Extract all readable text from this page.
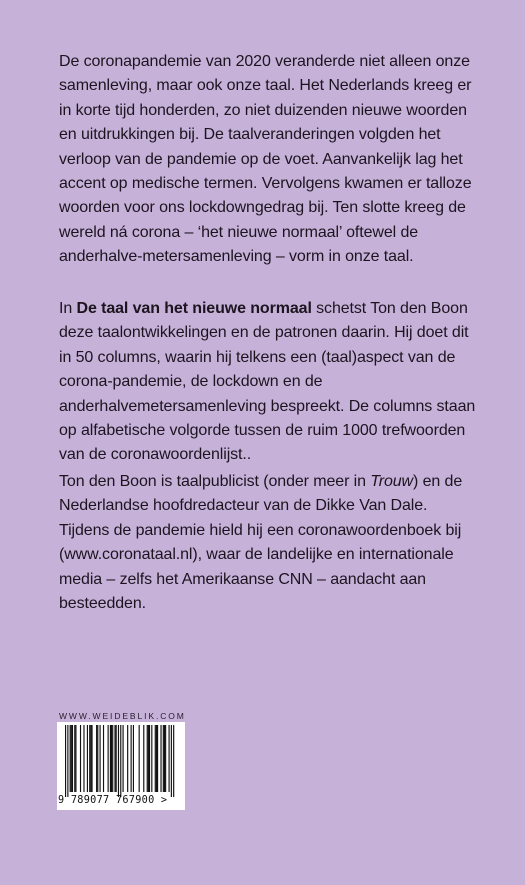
De coronapandemie van 2020 veranderde niet alleen onze samenleving, maar ook onze taal. Het Nederlands kreeg er in korte tijd honderden, zo niet duizenden nieuwe woorden en uitdrukkingen bij. De taalveranderingen volgden het verloop van de pandemie op de voet. Aanvankelijk lag het accent op medische termen. Vervolgens kwamen er talloze woorden voor ons lockdowngedrag bij. Ten slotte kreeg de wereld ná corona – ‘het nieuwe normaal’ oftewel de anderhalve-metersamenleving – vorm in onze taal.

In De taal van het nieuwe normaal schetst Ton den Boon deze taalontwikkelingen en de patronen daarin. Hij doet dit in 50 columns, waarin hij telkens een (taal)aspect van de corona-pandemie, de lockdown en de anderhalvemetersamenleving bespreekt. De columns staan op alfabetische volgorde tussen de ruim 1000 trefwoorden van de coronawoordenlijst..

Ton den Boon is taalpublicist (onder meer in Trouw) en de Nederlandse hoofdredacteur van de Dikke Van Dale. Tijdens de pandemie hield hij een coronawoordenboek bij (www.coronataal.nl), waar de landelijke en internationale media – zelfs het Amerikaanse CNN – aandacht aan besteedden.

WWW.WEIDEBLIK.COM
9 789077 767900 >
